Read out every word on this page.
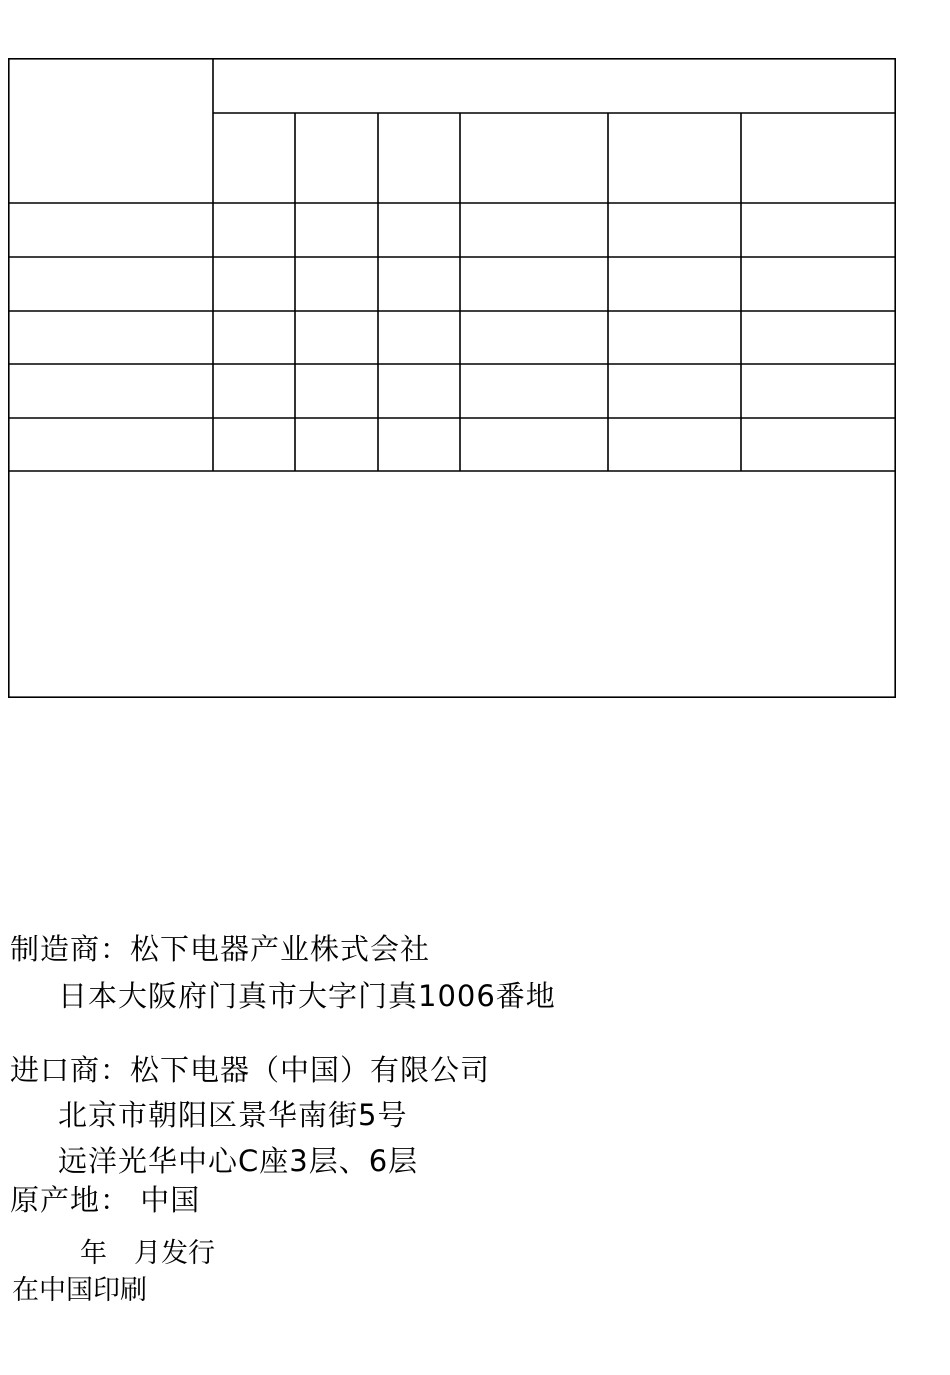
制造商：松下电器产业株式会社
日本大阪府门真市大字门真1006番地
进口商：松下电器（中国）有限公司
北京市朝阳区景华南街5号
远洋光华中心C座3层、6层
原产地： 中国
年　月发行
在中国印刷
